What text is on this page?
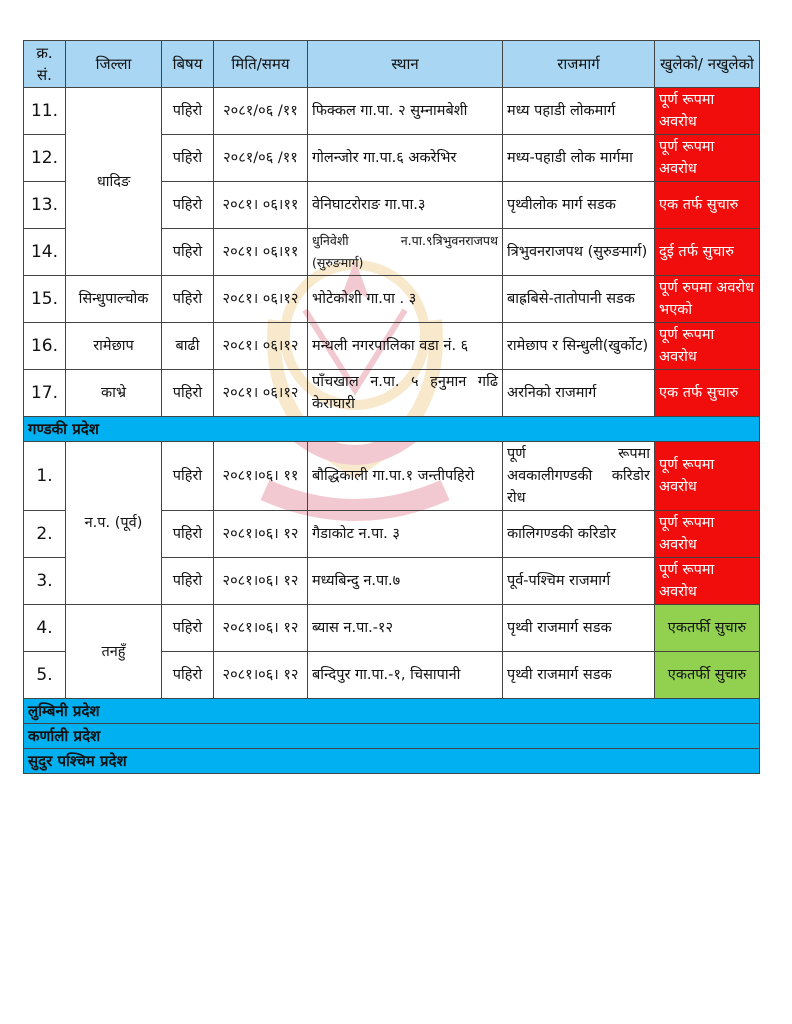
क्र. सं.	जिल्ला	बिषय	मिति/समय	स्थान	राजमार्ग	खुलेको/ नखुलेको
11.	धादिङ	पहिरो	२०८१/०६ /११	फिक्कल गा.पा. २ सुम्नामबेशी	मध्य पहाडी लोकमार्ग	पूर्ण रूपमा अवरोध
12.		पहिरो	२०८१/०६ /११	गोलन्जोर गा.पा.६ अकरेभिर	मध्य-पहाडी लोक मार्गमा	पूर्ण रूपमा अवरोध
13.		पहिरो	२०८१। ०६।११	वेनिघाटरोराङ गा.पा.३	पृथ्वीलोक मार्ग सडक	एक तर्फ सुचारु
14.		पहिरो	२०८१। ०६।११	धुनिवेशी न.पा.९त्रिभुवनराजपथ (सुरुङमार्ग)	त्रिभुवनराजपथ (सुरुङमार्ग)	दुई तर्फ सुचारु
15.	सिन्धुपाल्चोक	पहिरो	२०८१। ०६।१२	भोटेकोशी गा.पा . ३	बाह्रबिसे-तातोपानी सडक	पूर्ण रुपमा अवरोध भएको
16.	रामेछाप	बाढी	२०८१। ०६।१२	मन्थली नगरपालिका वडा नं. ६	रामेछाप र सिन्धुली(खुर्कोट)	पूर्ण रूपमा अवरोध
17.	काभ्रे	पहिरो	२०८१। ०६।१२	पाँचखाल न.पा. ५ हनुमान गढि केराघारी	अरनिको राजमार्ग	एक तर्फ सुचारु
गण्डकी प्रदेश						
1.	न.प. (पूर्व)	पहिरो	२०८१।०६। ११	बौद्धिकाली गा.पा.१ जन्तीपहिरो	पूर्ण रूपमा अवकालीगण्डकी करिडोर रोध	पूर्ण रूपमा अवरोध
2.		पहिरो	२०८१।०६। १२	गैडाकोट न.पा. ३	कालिगण्डकी करिडोर	पूर्ण रूपमा अवरोध
3.		पहिरो	२०८१।०६। १२	मध्यबिन्दु न.पा.७	पूर्व-पश्चिम राजमार्ग	पूर्ण रूपमा अवरोध
4.	तनहुँ	पहिरो	२०८१।०६। १२	ब्यास न.पा.-१२	पृथ्वी राजमार्ग सडक	एकतर्फी सुचारु
5.		पहिरो	२०८१।०६। १२	बन्दिपुर गा.पा.-१, चिसापानी	पृथ्वी राजमार्ग सडक	एकतर्फी सुचारु
लुम्बिनी प्रदेश						
कर्णाली प्रदेश						
सुदुर पश्चिम प्रदेश						
